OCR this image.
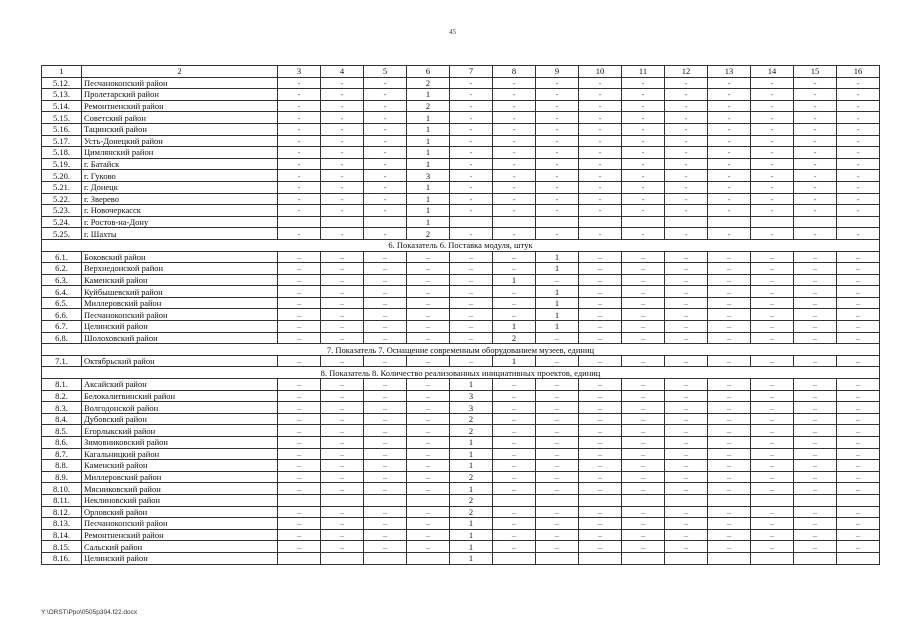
45
1	2	3	4	5	6	7	8	9	10	11	12	13	14	15	16
5.12.	Песчанокопский район	-	-	-	2	-	-	-	-	-	-	-	-	-	-
5.13.	Пролетарский район	-	-	-	1	-	-	-	-	-	-	-	-	-	-
5.14.	Ремонтненский район	-	-	-	2	-	-	-	-	-	-	-	-	-	-
5.15.	Советский район	-	-	-	1	-	-	-	-	-	-	-	-	-	-
5.16.	Тацинский район	-	-	-	1	-	-	-	-	-	-	-	-	-	-
5.17.	Усть-Донецкий район	-	-	-	1	-	-	-	-	-	-	-	-	-	-
5.18.	Цимлянский район	-	-	-	1	-	-	-	-	-	-	-	-	-	-
5.19.	г. Батайск	-	-	-	1	-	-	-	-	-	-	-	-	-	-
5.20.	г. Гуково	-	-	-	3	-	-	-	-	-	-	-	-	-	-
5.21.	г. Донецк	-	-	-	1	-	-	-	-	-	-	-	-	-	-
5.22.	г. Зверево	-	-	-	1	-	-	-	-	-	-	-	-	-	-
5.23.	г. Новочеркасск	-	-	-	1	-	-	-	-	-	-	-	-	-	-
5.24.	г. Ростов-на-Дону				1										
5.25.	г. Шахты	-	-	-	2	-	-	-	-	-	-	-	-	-	-
6. Показатель 6. Поставка модуля, штук															
6.1.	Боковский район	–	–	–	–	–	–	1	–	–	–	–	–	–	–
6.2.	Верхнедонской район	–	–	–	–	–	–	1	–	–	–	–	–	–	–
6.3.	Каменский район	–	–	–	–	–	1	–	–	–	–	–	–	–	–
6.4.	Куйбышевский район	–	–	–	–	–	–	1	–	–	–	–	–	–	–
6.5.	Миллеровский район	–	–	–	–	–	–	1	–	–	–	–	–	–	–
6.6.	Песчанокопский район	–	–	–	–	–	–	1	–	–	–	–	–	–	–
6.7.	Целинский район	–	–	–	–	–	1	1	–	–	–	–	–	–	–
6.8.	Шолоховский район	–	–	–	–	–	2	–	–	–	–	–	–	–	–
7. Показатель 7. Оснащение современным оборудованием музеев, единиц															
7.1.	Октябрьский район	–	–	–	–	–	1	–	–	–	–	–	–	–	–
8. Показатель 8. Количество реализованных инициативных проектов, единиц															
8.1.	Аксайский район	–	–	–	–	1	–	–	–	–	–	–	–	–	–
8.2.	Белокалитвинский район	–	–	–	–	3	–	–	–	–	–	–	–	–	–
8.3.	Волгодонской район	–	–	–	–	3	–	–	–	–	–	–	–	–	–
8.4.	Дубовский район	–	–	–	–	2	–	–	–	–	–	–	–	–	–
8.5.	Егорлыкский район	–	–	–	–	2	–	–	–	–	–	–	–	–	–
8.6.	Зимовниковский район	–	–	–	–	1	–	–	–	–	–	–	–	–	–
8.7.	Кагальницкий район	–	–	–	–	1	–	–	–	–	–	–	–	–	–
8.8.	Каменский район	–	–	–	–	1	–	–	–	–	–	–	–	–	–
8.9.	Миллеровский район	–	–	–	–	2	–	–	–	–	–	–	–	–	–
8.10.	Мясниковский район	–	–	–	–	1	–	–	–	–	–	–	–	–	–
8.11.	Неклиновский район					2									
8.12.	Орловский район	–	–	–	–	2	–	–	–	–	–	–	–	–	–
8.13.	Песчанокопский район	–	–	–	–	1	–	–	–	–	–	–	–	–	–
8.14.	Ремонтненский район	–	–	–	–	1	–	–	–	–	–	–	–	–	–
8.15.	Сальский район	–	–	–	–	1	–	–	–	–	–	–	–	–	–
8.16.	Целинский район					1									
Y:\ORST\Ppo\0505p394.f22.docx
